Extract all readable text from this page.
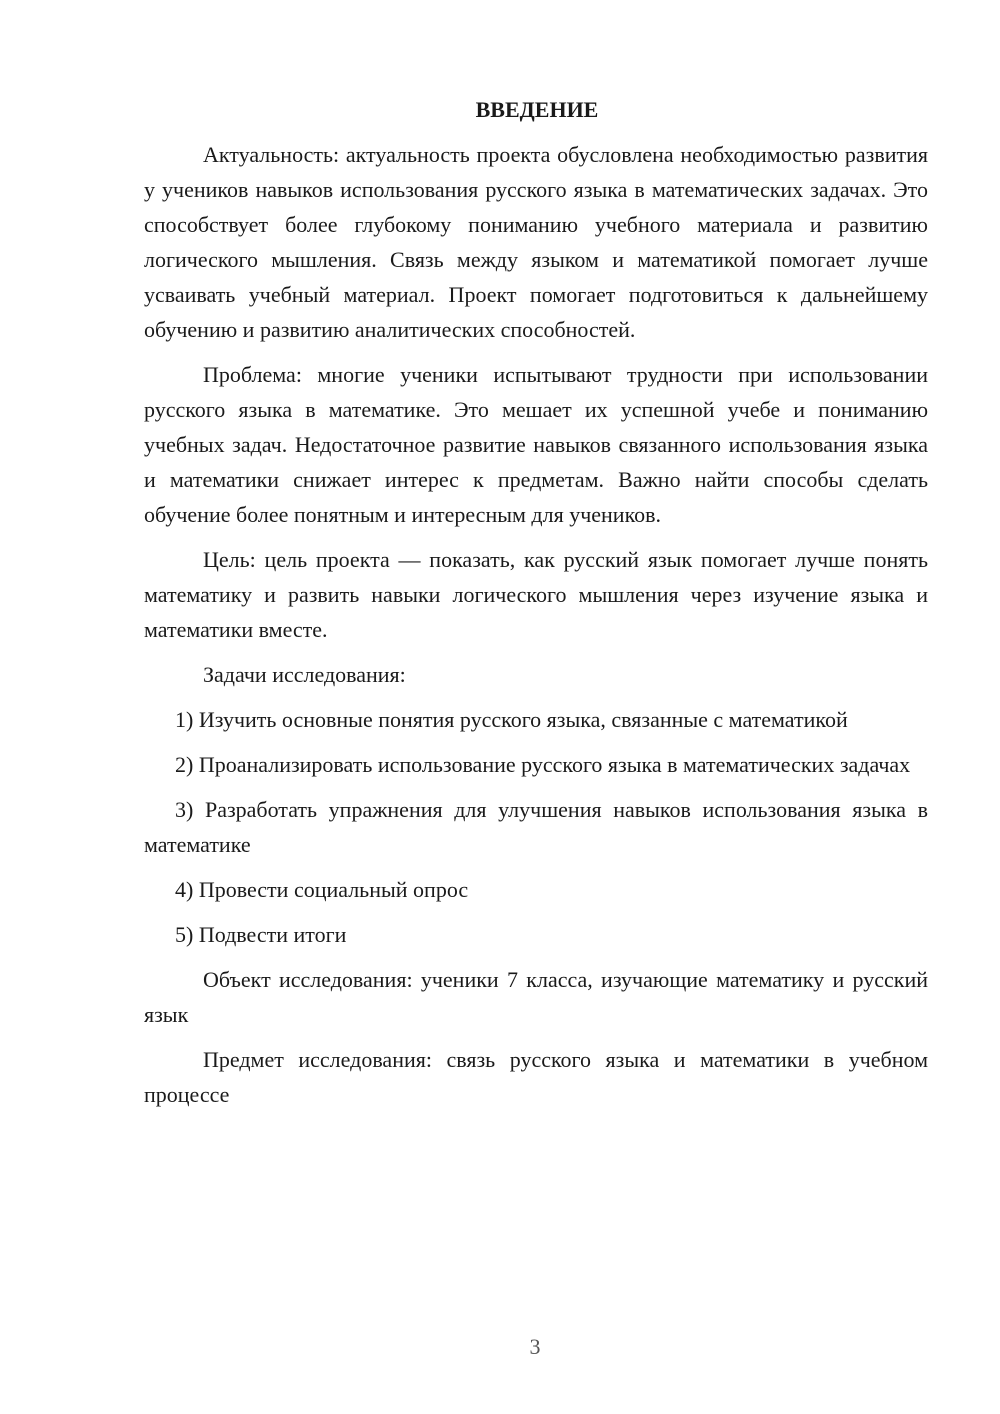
ВВЕДЕНИЕ

Актуальность: актуальность проекта обусловлена необходимостью развития у учеников навыков использования русского языка в математических задачах. Это способствует более глубокому пониманию учебного материала и развитию логического мышления. Связь между языком и математикой помогает лучше усваивать учебный материал. Проект помогает подготовиться к дальнейшему обучению и развитию аналитических способностей.

Проблема: многие ученики испытывают трудности при использовании русского языка в математике. Это мешает их успешной учебе и пониманию учебных задач. Недостаточное развитие навыков связанного использования языка и математики снижает интерес к предметам. Важно найти способы сделать обучение более понятным и интересным для учеников.

Цель: цель проекта — показать, как русский язык помогает лучше понять математику и развить навыки логического мышления через изучение языка и математики вместе.

Задачи исследования:

1) Изучить основные понятия русского языка, связанные с математикой

2) Проанализировать использование русского языка в математических задачах

3) Разработать упражнения для улучшения навыков использования языка в математике

4) Провести социальный опрос

5) Подвести итоги

Объект исследования: ученики 7 класса, изучающие математику и русский язык

Предмет исследования: связь русского языка и математики в учебном процессе

3
